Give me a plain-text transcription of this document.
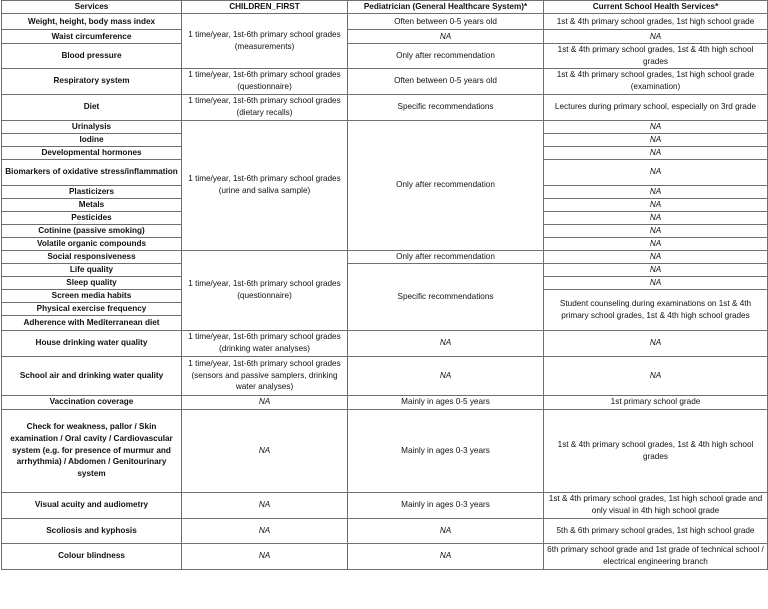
Services	CHILDREN_FIRST	Pediatrician (General Healthcare System)*	Current School Health Services*
Weight, height, body mass index	1 time/year, 1st-6th primary school grades (measurements)	Often between 0-5 years old	1st & 4th primary school grades, 1st high school grade
Waist circumference		NA	NA
Blood pressure		Only after recommendation	1st & 4th primary school grades, 1st & 4th high school grades
Respiratory system	1 time/year, 1st-6th primary school grades (questionnaire)	Often between 0-5 years old	1st & 4th primary school grades, 1st high school grade (examination)
Diet	1 time/year, 1st-6th primary school grades (dietary recalls)	Specific recommendations	Lectures during primary school, especially on 3rd grade
Urinalysis	1 time/year, 1st-6th primary school grades (urine and saliva sample)	Only after recommendation	NA
Iodine			NA
Developmental hormones			NA
Biomarkers of oxidative stress/inflammation			NA
Plasticizers			NA
Metals			NA
Pesticides			NA
Cotinine (passive smoking)			NA
Volatile organic compounds			NA
Social responsiveness	1 time/year, 1st-6th primary school grades (questionnaire)	Only after recommendation	NA
Life quality		Specific recommendations	NA
Sleep quality			NA
Screen media habits			Student counseling during examinations on 1st & 4th primary school grades, 1st & 4th high school grades
Physical exercise frequency			
Adherence with Mediterranean diet			
House drinking water quality	1 time/year, 1st-6th primary school grades (drinking water analyses)	NA	NA
School air and drinking water quality	1 time/year, 1st-6th primary school grades (sensors and passive samplers, drinking water analyses)	NA	NA
Vaccination coverage	NA	Mainly in ages 0-5 years	1st primary school grade
Check for weakness, pallor / Skin examination / Oral cavity / Cardiovascular system (e.g. for presence of murmur and arrhythmia) / Abdomen / Genitourinary system	NA	Mainly in ages 0-3 years	1st & 4th primary school grades, 1st & 4th high school grades
Visual acuity and audiometry	NA	Mainly in ages 0-3 years	1st & 4th primary school grades, 1st high school grade and only visual in 4th high school grade
Scoliosis and kyphosis	NA	NA	5th & 6th primary school grades, 1st high school grade
Colour blindness	NA	NA	6th primary school grade and 1st grade of technical school / electrical engineering branch
